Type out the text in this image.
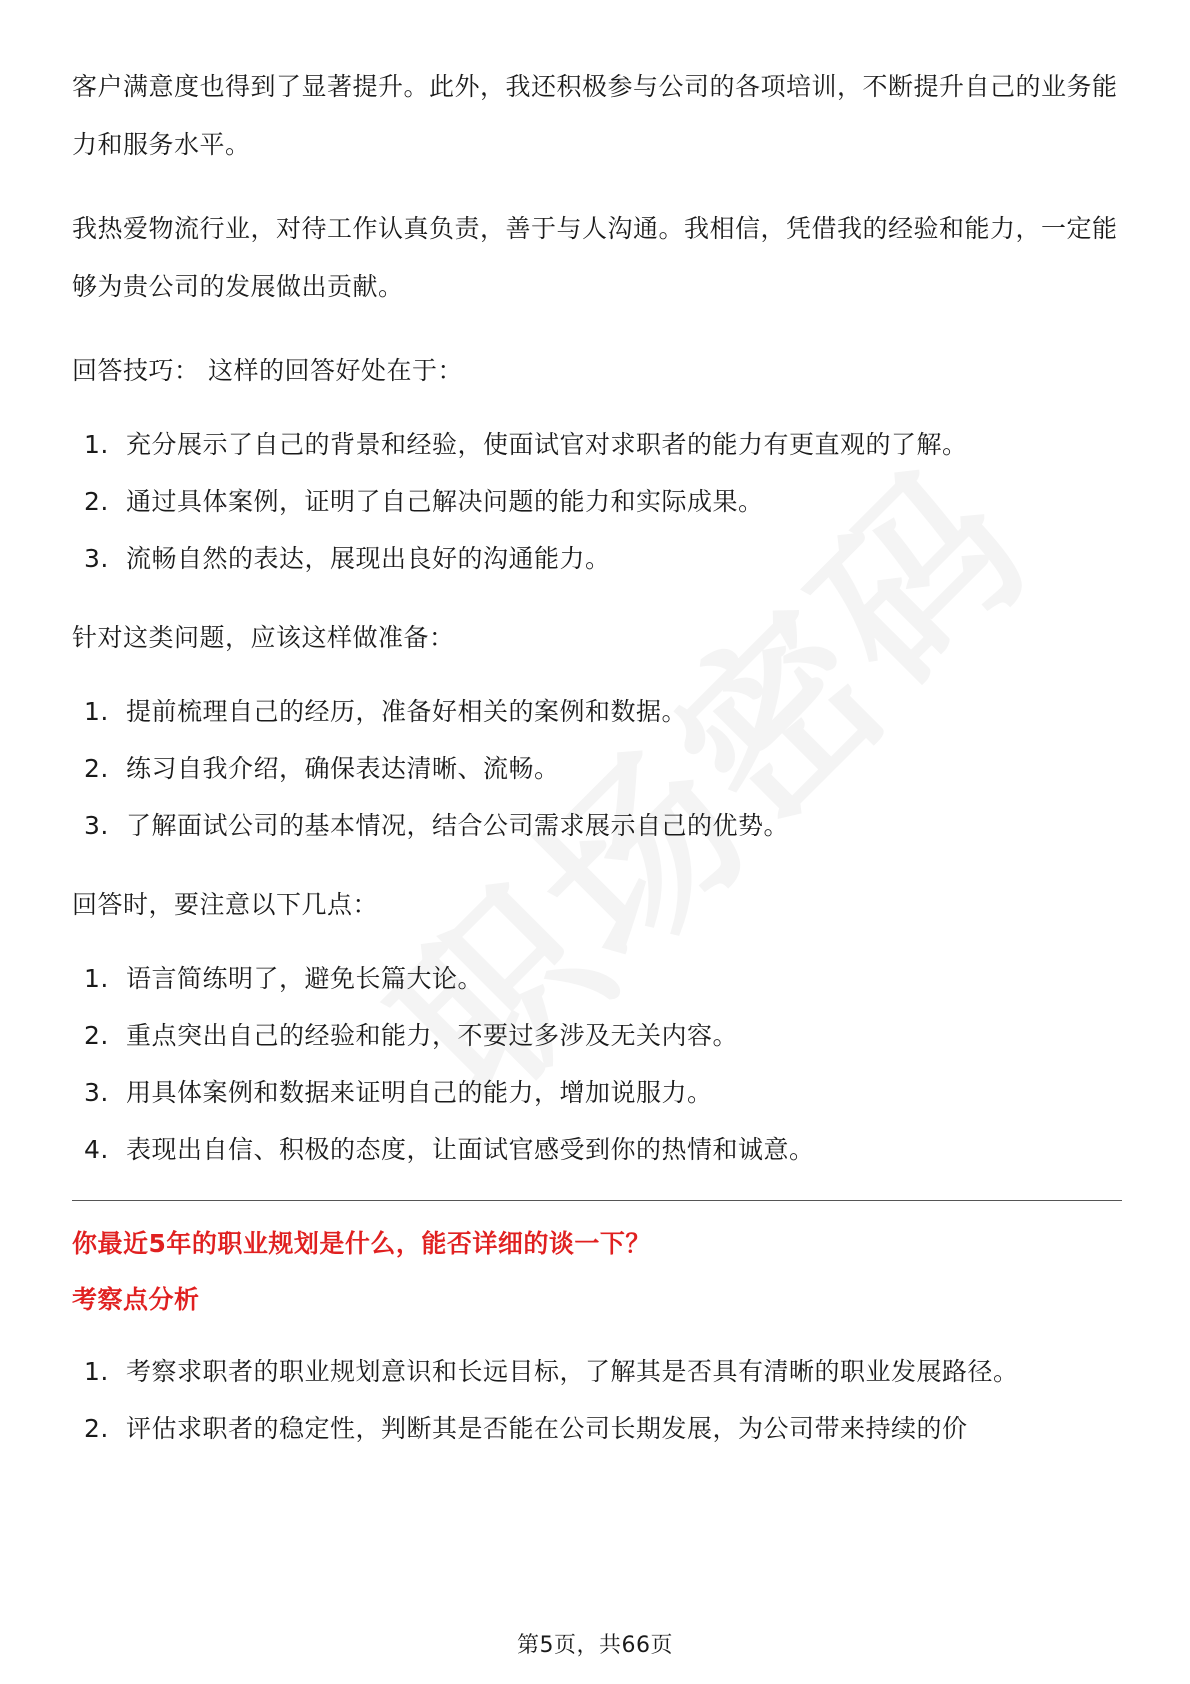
客户满意度也得到了显著提升。此外，我还积极参与公司的各项培训，不断提升自己的业务能力和服务水平。

我热爱物流行业，对待工作认真负责，善于与人沟通。我相信，凭借我的经验和能力，一定能够为贵公司的发展做出贡献。

回答技巧： 这样的回答好处在于：

1. 充分展示了自己的背景和经验，使面试官对求职者的能力有更直观的了解。
2. 通过具体案例，证明了自己解决问题的能力和实际成果。
3. 流畅自然的表达，展现出良好的沟通能力。

针对这类问题，应该这样做准备：

1. 提前梳理自己的经历，准备好相关的案例和数据。
2. 练习自我介绍，确保表达清晰、流畅。
3. 了解面试公司的基本情况，结合公司需求展示自己的优势。

回答时，要注意以下几点：

1. 语言简练明了，避免长篇大论。
2. 重点突出自己的经验和能力，不要过多涉及无关内容。
3. 用具体案例和数据来证明自己的能力，增加说服力。
4. 表现出自信、积极的态度，让面试官感受到你的热情和诚意。
你最近5年的职业规划是什么，能否详细的谈一下？
考察点分析
1. 考察求职者的职业规划意识和长远目标，了解其是否具有清晰的职业发展路径。
2. 评估求职者的稳定性，判断其是否能在公司长期发展，为公司带来持续的价
第5页，共66页
